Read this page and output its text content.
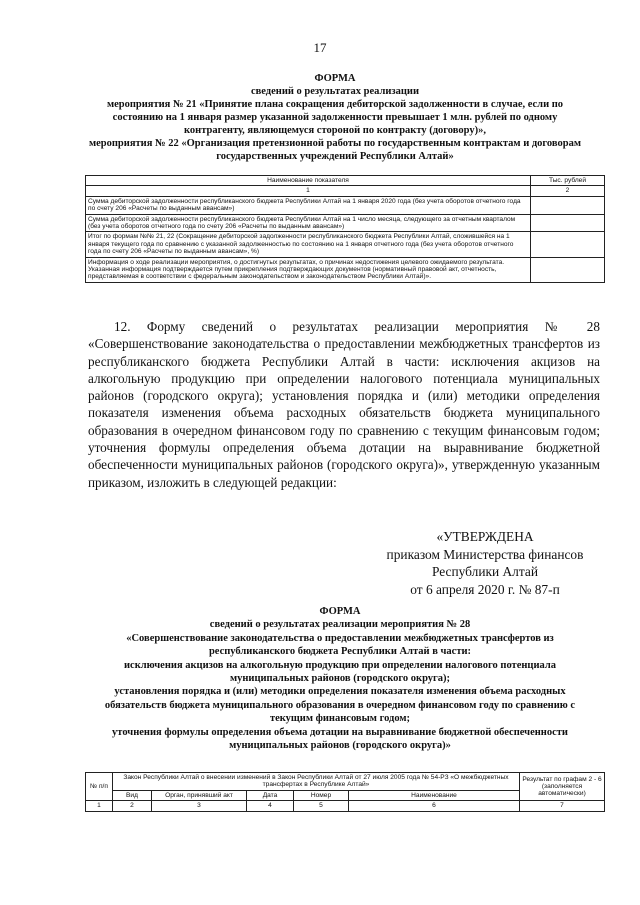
17
ФОРМА
сведений о результатах реализации
мероприятия № 21 «Принятие плана сокращения дебиторской задолженности в случае, если по состоянию на 1 января размер указанной задолженности превышает 1 млн. рублей по одному контрагенту, являющемуся стороной по контракту (договору)»,
мероприятия № 22 «Организация претензионной работы по государственным контрактам и договорам государственных учреждений Республики Алтай»
Наименование показателя	Тыс. рублей
1	2
Сумма дебиторской задолженности республиканского бюджета Республики Алтай на 1 января 2020 года (без учета оборотов отчетного года по счету 206 «Расчеты по выданным авансам»)	
Сумма дебиторской задолженности республиканского бюджета Республики Алтай на 1 число месяца, следующего за отчетным кварталом (без учета оборотов отчетного года по счету 206 «Расчеты по выданным авансам»)	
Итог по формам №№ 21, 22 (Сокращение дебиторской задолженности республиканского бюджета Республики Алтай, сложившейся на 1 января текущего года по сравнению с указанной задолженностью по состоянию на 1 января отчетного года (без учета оборотов отчетного года по счету 206 «Расчеты по выданным авансам», %)	
Информация о ходе реализации мероприятия, о достигнутых результатах, о причинах недостижения целевого ожидаемого результата. Указанная информация подтверждается путем прикрепления подтверждающих документов (нормативный правовой акт, отчетность, представляемая в соответствии с федеральным законодательством и законодательством Республики Алтай)».	
12. Форму сведений о результатах реализации мероприятия № 28 «Совершенствование законодательства о предоставлении межбюджетных трансфертов из республиканского бюджета Республики Алтай в части: исключения акцизов на алкогольную продукцию при определении налогового потенциала муниципальных районов (городского округа); установления порядка и (или) методики определения показателя изменения объема расходных обязательств бюджета муниципального образования в очередном финансовом году по сравнению с текущим финансовым годом; уточнения формулы определения объема дотации на выравнивание бюджетной обеспеченности муниципальных районов (городского округа)», утвержденную указанным приказом, изложить в следующей редакции:
«УТВЕРЖДЕНА
приказом Министерства финансов
Республики Алтай
от 6 апреля 2020 г. № 87-п
ФОРМА
сведений о результатах реализации мероприятия № 28
«Совершенствование законодательства о предоставлении межбюджетных трансфертов из республиканского бюджета Республики Алтай в части:
исключения акцизов на алкогольную продукцию при определении налогового потенциала муниципальных районов (городского округа);
установления порядка и (или) методики определения показателя изменения объема расходных обязательств бюджета муниципального образования в очередном финансовом году по сравнению с текущим финансовым годом;
уточнения формулы определения объема дотации на выравнивание бюджетной обеспеченности муниципальных районов (городского округа)»
№ п/п	Закон Республики Алтай о внесении изменений в Закон Республики Алтай от 27 июля 2005 года № 54-РЗ «О межбюджетных трансфертах в Республике Алтай»					Результат по графам 2 - 6 (заполняется автоматически)
	Вид	Орган, принявший акт	Дата	Номер	Наименование	
1	2	3	4	5	6	7
